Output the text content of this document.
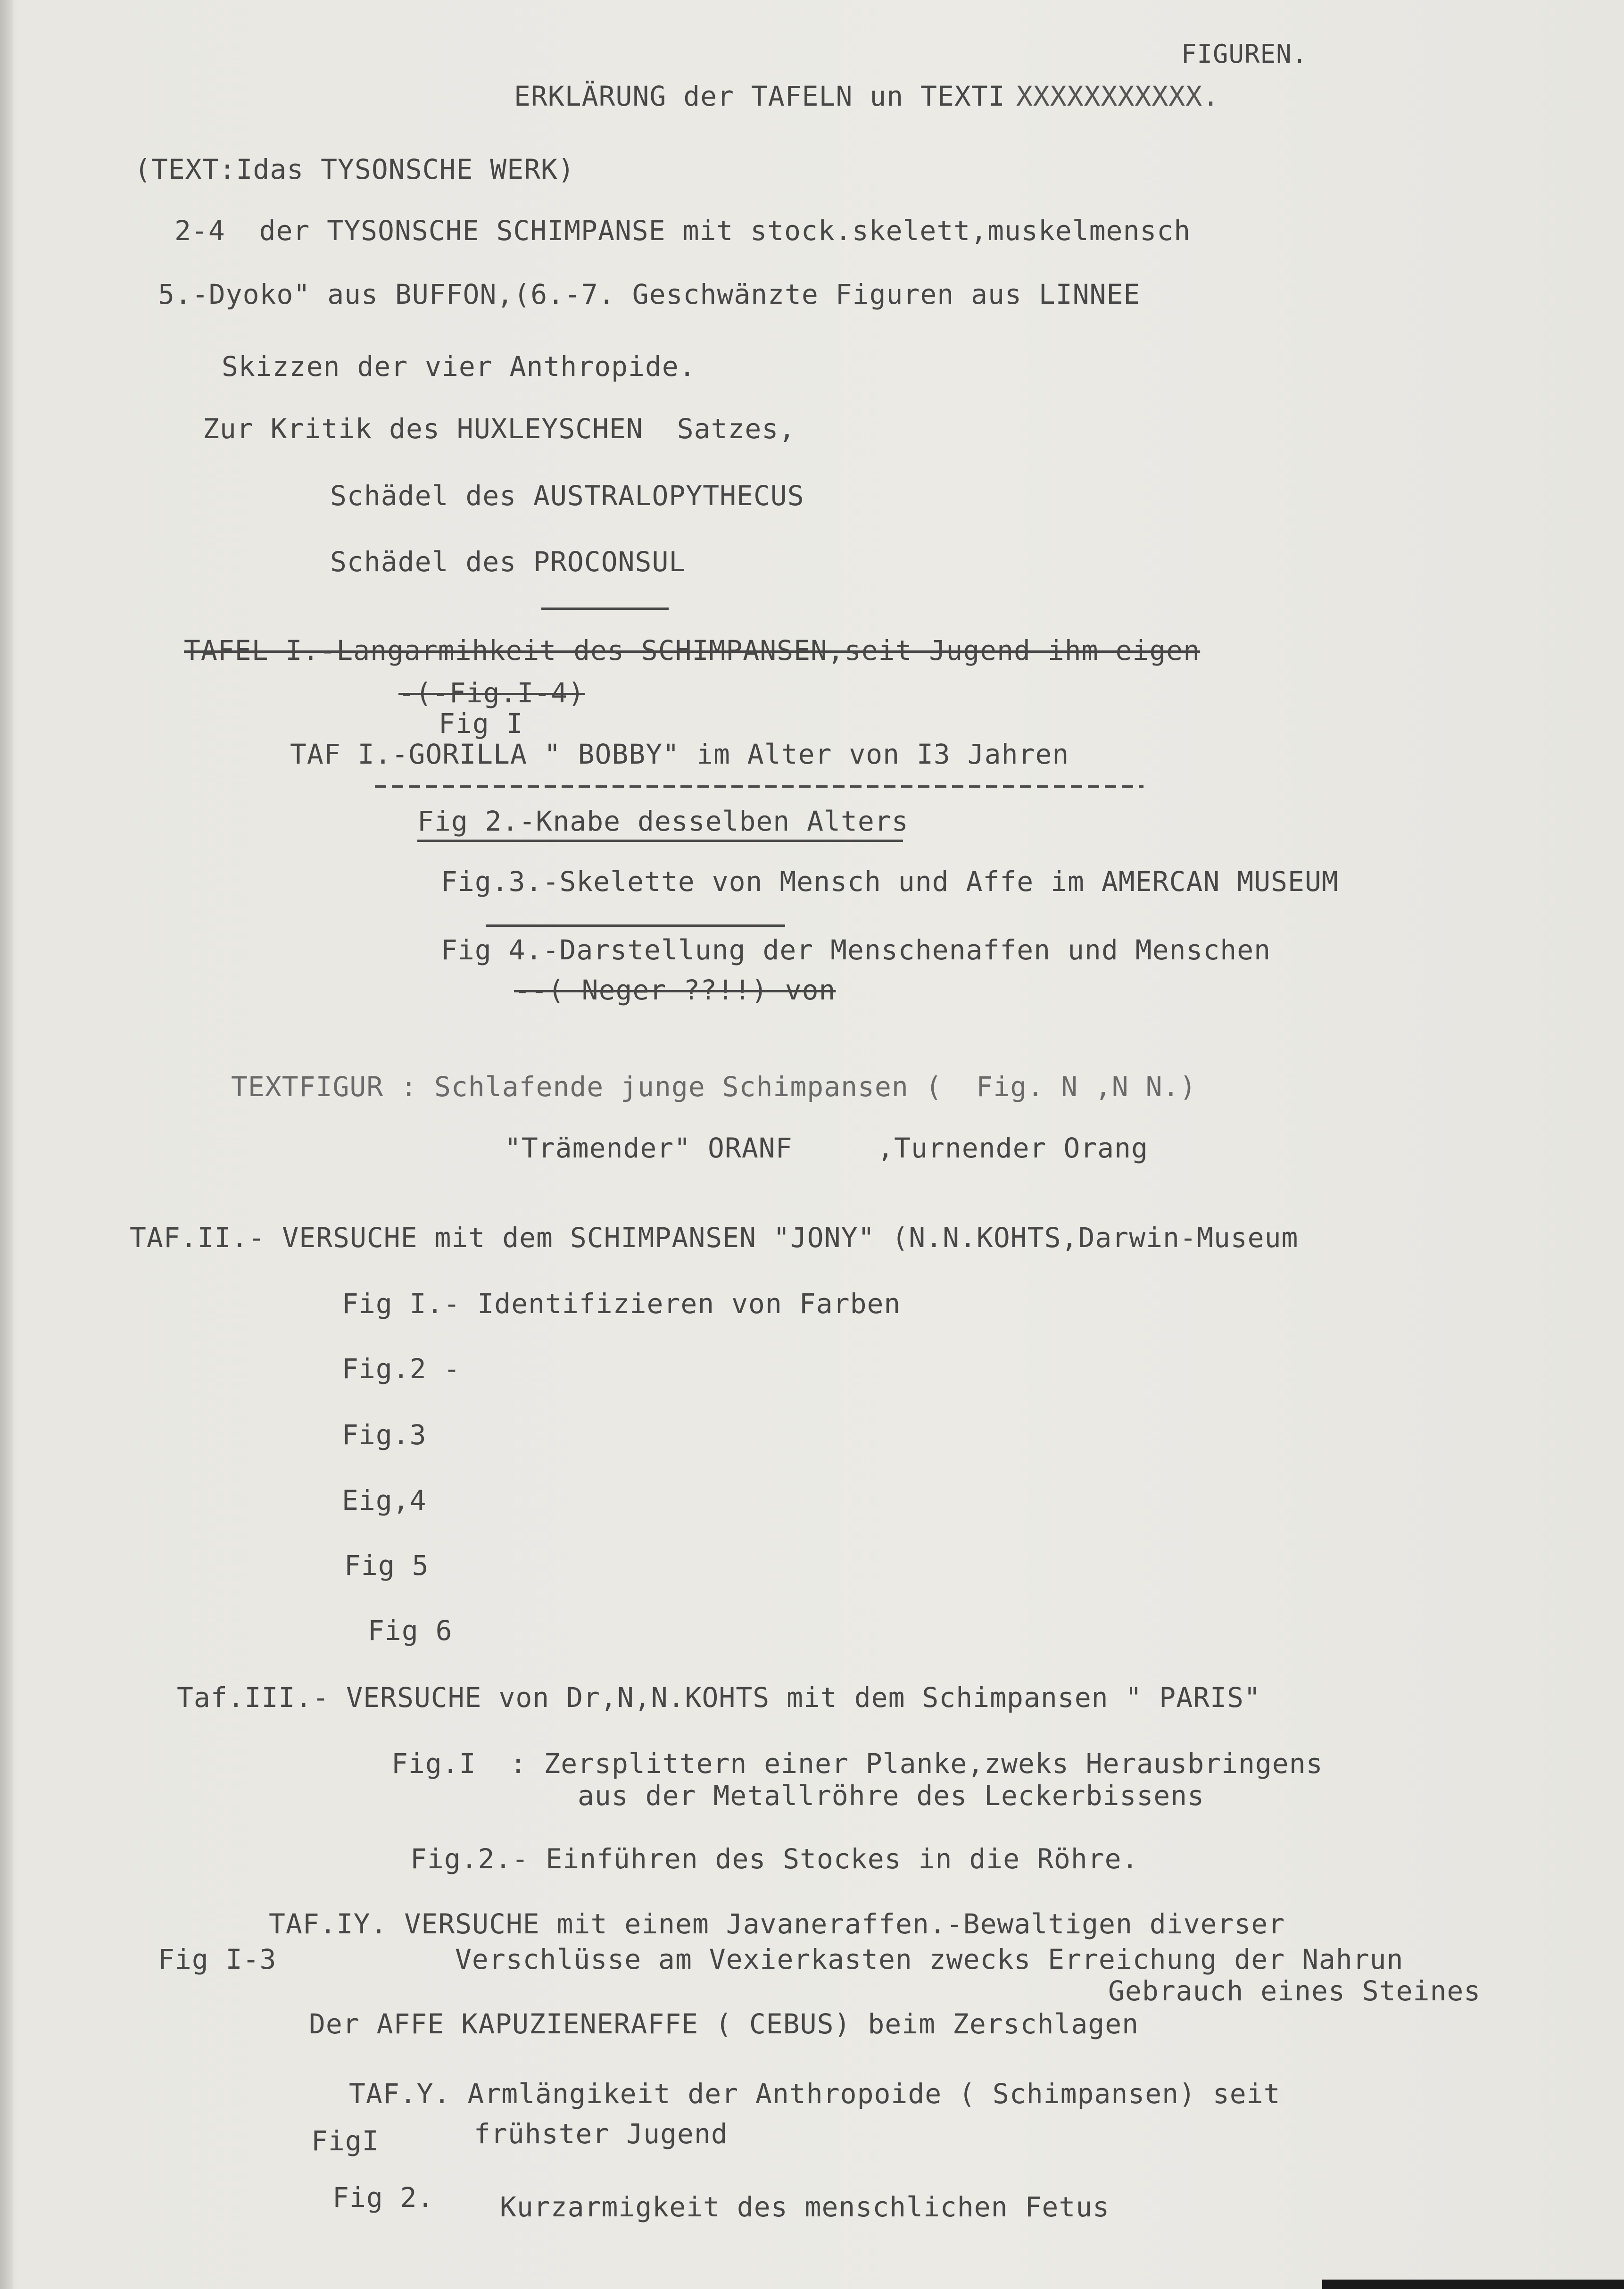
FIGUREN.
ERKLÄRUNG der TAFELN un TEXTI XXXXXXXXXXX.
(TEXT:Idas TYSONSCHE WERK)
2-4  der TYSONSCHE SCHIMPANSE mit stock.skelett,muskelmensch
5.-Dyoko" aus BUFFON,(6.-7. Geschwänzte Figuren aus LINNEE
Skizzen der vier Anthropide.
Zur Kritik des HUXLEYSCHEN  Satzes,
Schädel des AUSTRALOPYTHECUS
Schädel des PROCONSUL
TAFEL I.-Langarmihkeit des SCHIMPANSEN,seit Jugend ihm eigen
-(-Fig.I-4)
Fig I
TAF I.-GORILLA " BOBBY" im Alter von I3 Jahren
Fig 2.-Knabe desselben Alters
Fig.3.-Skelette von Mensch und Affe im AMERCAN MUSEUM
Fig 4.-Darstellung der Menschenaffen und Menschen
--( Neger ??!!) von
TEXTFIGUR : Schlafende junge Schimpansen (  Fig. N ,N N.)
"Trämender" ORANF     ,Turnender Orang
TAF.II.- VERSUCHE mit dem SCHIMPANSEN "JONY" (N.N.KOHTS,Darwin-Museum
Fig I.- Identifizieren von Farben
Fig.2 -
Fig.3
Eig,4
Fig 5
Fig 6
Taf.III.- VERSUCHE von Dr,N,N.KOHTS mit dem Schimpansen " PARIS"
Fig.I  : Zersplittern einer Planke,zweks Herausbringens
aus der Metallröhre des Leckerbissens
Fig.2.- Einführen des Stockes in die Röhre.
TAF.IY. VERSUCHE mit einem Javaneraffen.-Bewaltigen diverser
Fig I-3	Verschlüsse am Vexierkasten zwecks Erreichung der Nahrun
Gebrauch eines Steines
Der AFFE KAPUZIENERAFFE ( CEBUS) beim Zerschlagen
TAF.Y. Armlängikeit der Anthropoide ( Schimpansen) seit
FigI	frühster Jugend
Fig 2. Kurzarmigkeit des menschlichen Fetus
